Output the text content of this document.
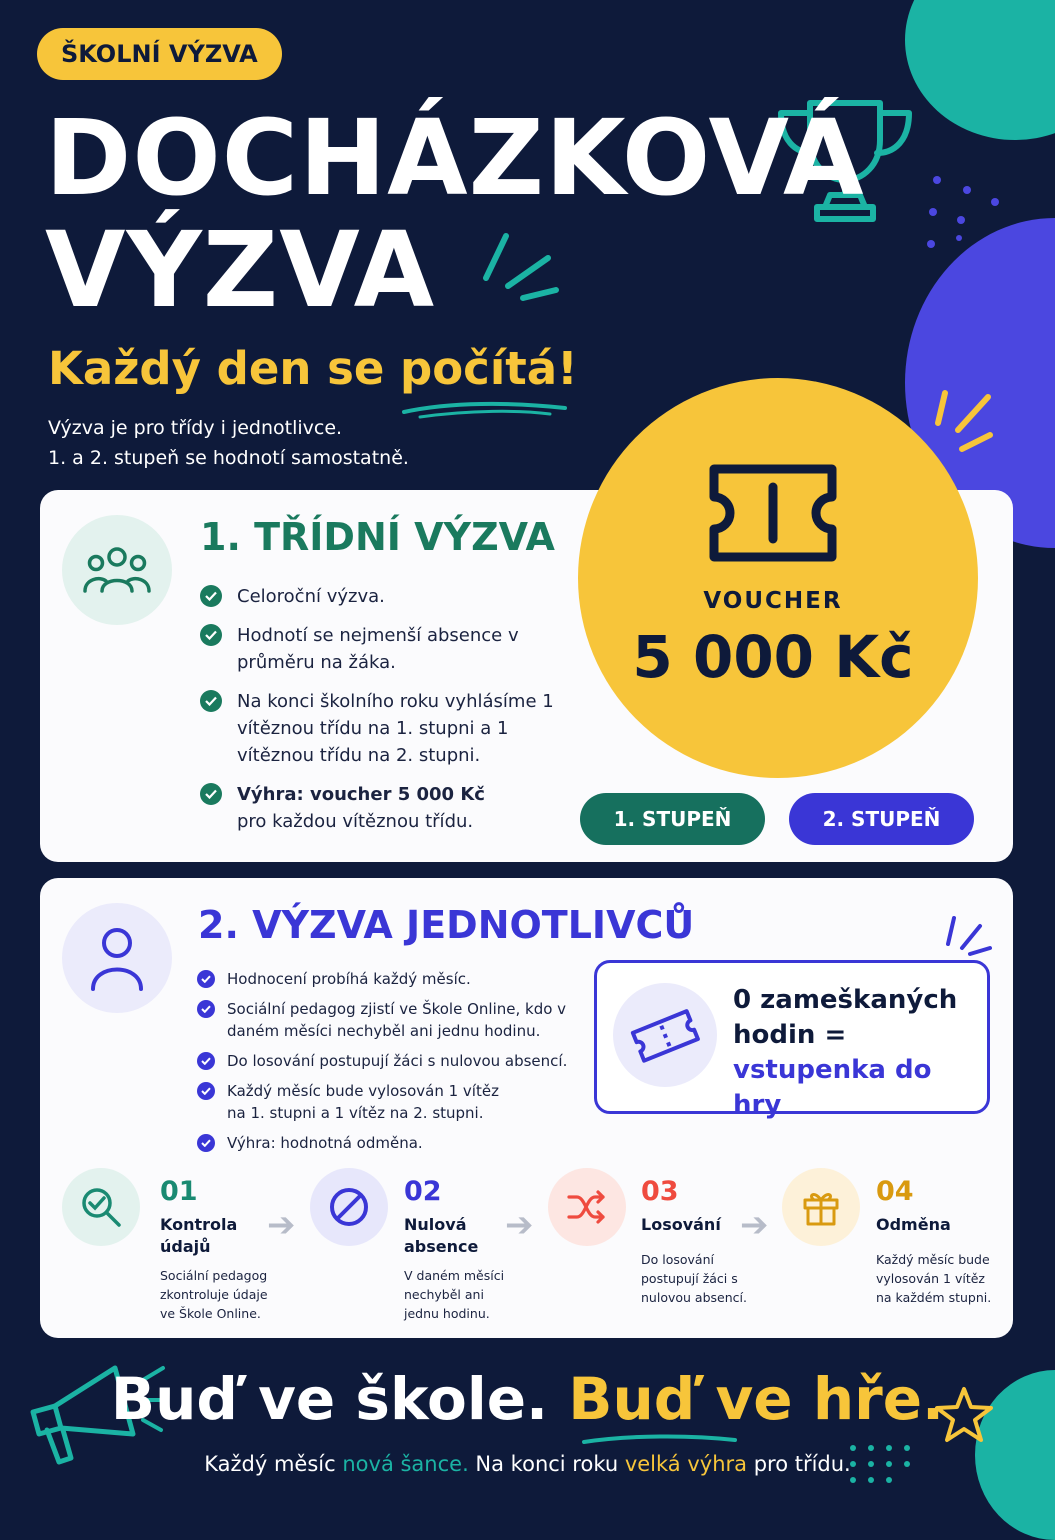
ŠKOLNÍ VÝZVA
DOCHÁZKOVÁ
VÝZVA
Každý den se počítá!
Výzva je pro třídy i jednotlivce.
1. a 2. stupeň se hodnotí samostatně.
1. TŘÍDNÍ VÝZVA
Celoroční výzva.
Hodnotí se nejmenší absence v průměru na žáka.
Na konci školního roku vyhlásíme 1 vítěznou třídu na 1. stupni a 1 vítěznou třídu na 2. stupni.
Výhra: voucher 5 000 Kč
pro každou vítěznou třídu.
VOUCHER
5 000 Kč
1. STUPEŇ	2. STUPEŇ
2. VÝZVA JEDNOTLIVCŮ
Hodnocení probíhá každý měsíc.
Sociální pedagog zjistí ve Škole Online, kdo v daném měsíci nechyběl ani jednu hodinu.
Do losování postupují žáci s nulovou absencí.
Každý měsíc bude vylosován 1 vítěz na 1. stupni a 1 vítěz na 2. stupni.
Výhra: hodnotná odměna.
0 zameškaných
hodin =
vstupenka do hry
01
Kontrola údajů
Sociální pedagog zkontroluje údaje ve Škole Online.
➔
02
Nulová absence
V daném měsíci nechyběl ani jednu hodinu.
➔
03
Losování
Do losování postupují žáci s nulovou absencí.
➔
04
Odměna
Každý měsíc bude vylosován 1 vítěz na každém stupni.
Buď ve škole. Buď ve hře.
Každý měsíc nová šance. Na konci roku velká výhra pro třídu.
